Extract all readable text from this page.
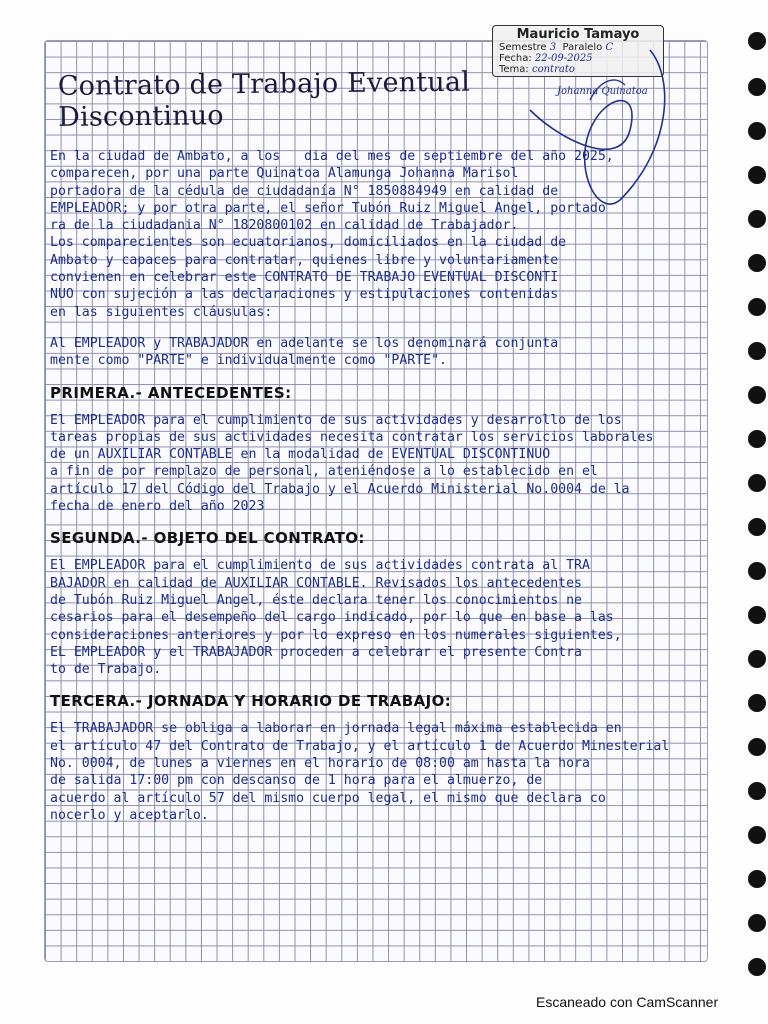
Mauricio Tamayo
Semestre 3 Paralelo C
Fecha: 22-09-2025
Tema: contrato
Contrato de Trabajo Eventual Discontinuo
Johanna Quinatoa

En la ciudad de Ambato, a los   dia del mes de septiembre del año 2025,
comparecen, por una parte Quinatoa Alamunga Johanna Marisol
portadora de la cédula de ciudadanía N° 1850884949 en calidad de
EMPLEADOR; y por otra parte, el señor Tubón Ruiz Miguel Angel, portado
ra de la ciudadania N° 1820800102 en calidad de Trabajador.
Los comparecientes son ecuatorianos, domiciliados en la ciudad de
Ambato y capaces para contratar, quienes libre y voluntariamente
convienen en celebrar este CONTRATO DE TRABAJO EVENTUAL DISCONTI
NUO con sujeción a las declaraciones y estipulaciones contenidas
en las siguientes cláusulas:

Al EMPLEADOR y TRABAJADOR en adelante se los denominará conjunta
mente como "PARTE" e individualmente como "PARTE".

PRIMERA.- ANTECEDENTES:

El EMPLEADOR para el cumplimiento de sus actividades y desarrollo de los
tareas propias de sus actividades necesita contratar los servicios laborales
de un AUXILIAR CONTABLE en la modalidad de EVENTUAL DISCONTINUO
a fin de por remplazo de personal, ateniéndose a lo establecido en el
artículo 17 del Código del Trabajo y el Acuerdo Ministerial No.0004 de la
fecha de enero del año 2023

SEGUNDA.- OBJETO DEL CONTRATO:

El EMPLEADOR para el cumplimiento de sus actividades contrata al TRA
BAJADOR en calidad de AUXILIAR CONTABLE. Revisados los antecedentes
de Tubón Ruiz Miguel Angel, éste declara tener los conocimientos ne
cesarios para el desempeño del cargo indicado, por lo que en base a las
consideraciones anteriores y por lo expreso en los numerales siguientes,
EL EMPLEADOR y el TRABAJADOR proceden a celebrar el presente Contra
to de Trabajo.

TERCERA.- JORNADA Y HORARIO DE TRABAJO:

El TRABAJADOR se obliga a laborar en jornada legal máxima establecida en
el artículo 47 del Contrato de Trabajo, y el artículo 1 de Acuerdo Minesterial
No. 0004, de lunes a viernes en el horario de 08:00 am hasta la hora
de salida 17:00 pm con descanso de 1 hora para el almuerzo, de
acuerdo al artículo 57 del mismo cuerpo legal, el mismo que declara co
nocerlo y aceptarlo.

Escaneado con CamScanner
